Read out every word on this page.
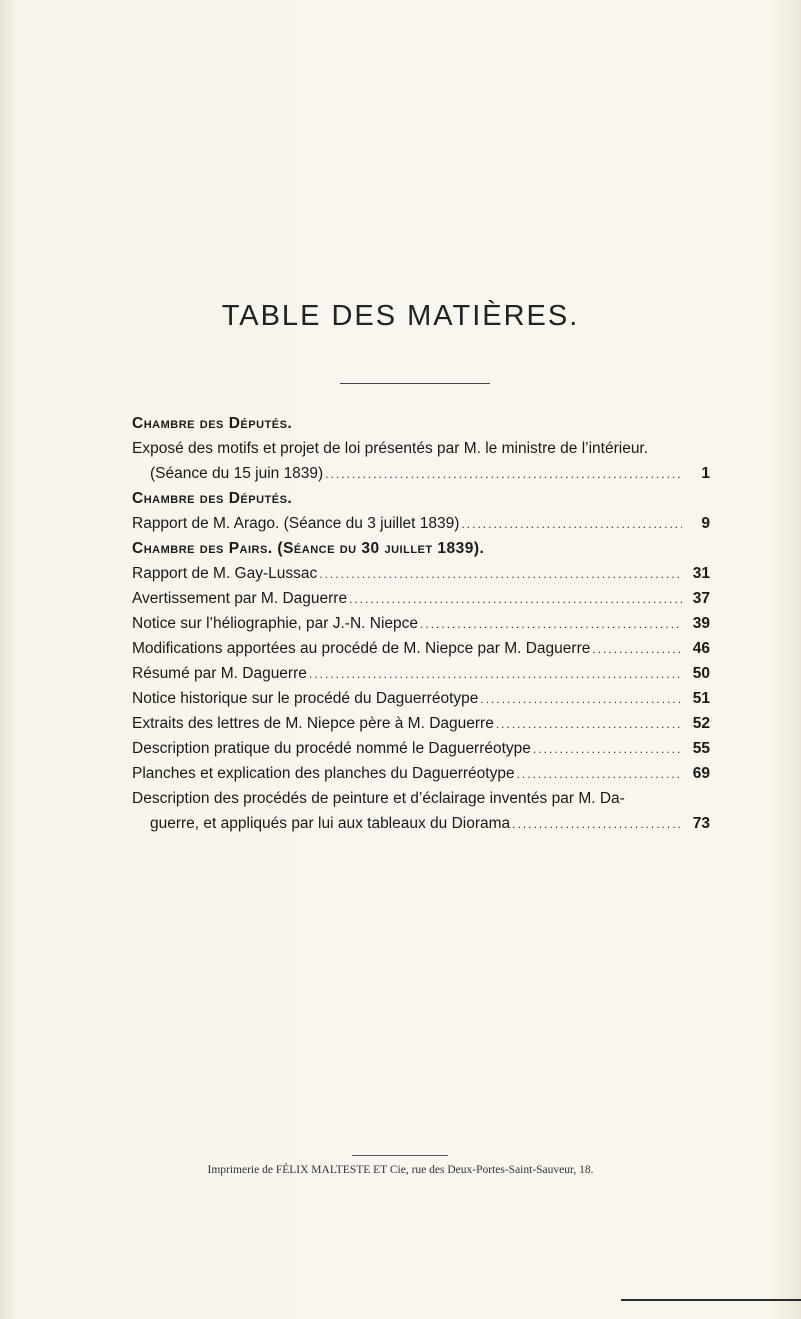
TABLE DES MATIÈRES.
Chambre des Députés.
Exposé des motifs et projet de loi présentés par M. le ministre de l’intérieur.
(Séance du 15 juin 1839) .....	1
Chambre des Députés.
Rapport de M. Arago. (Séance du 3 juillet 1839) .....	9
Chambre des Pairs. (Séance du 30 juillet 1839).
Rapport de M. Gay-Lussac .....	31
Avertissement par M. Daguerre .....	37
Notice sur l’héliographie, par J.-N. Niepce .....	39
Modifications apportées au procédé de M. Niepce par M. Daguerre .....	46
Résumé par M. Daguerre .....	50
Notice historique sur le procédé du Daguerréotype .....	51
Extraits des lettres de M. Niepce père à M. Daguerre .....	52
Description pratique du procédé nommé le Daguerréotype .....	55
Planches et explication des planches du Daguerréotype .....	69
Description des procédés de peinture et d’éclairage inventés par M. Da-
guerre, et appliqués par lui aux tableaux du Diorama .....	73
Imprimerie de FÉLIX MALTESTE ET Cie, rue des Deux-Portes-Saint-Sauveur, 18.
